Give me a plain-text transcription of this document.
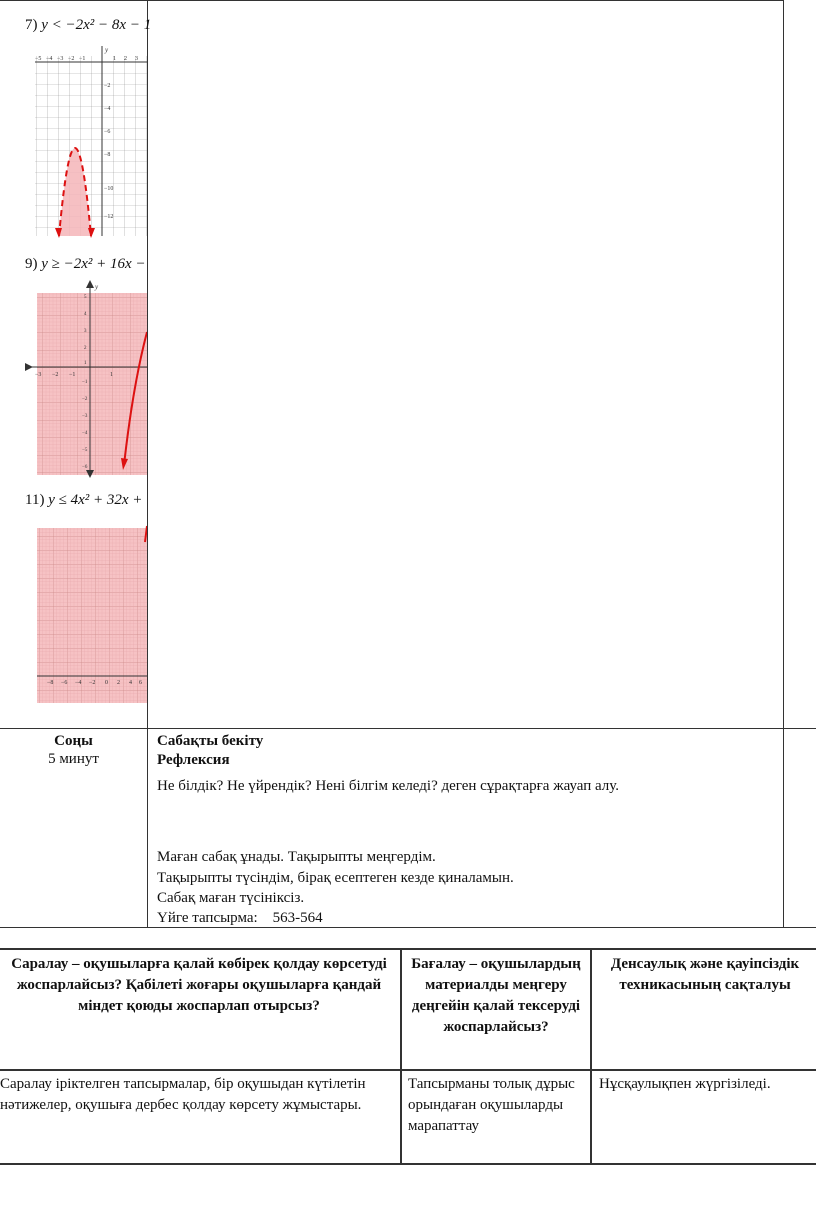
7) y < −2x² − 8x − 1
−5 −4 −3 −2 −1	1 2 3
y
−2
−4
−6
−8
−10
−12
9) y ≥ −2x² + 16x −
y
−3 −2 −1	1
5
4
3
2
1
−1
−2
−3
−4
−5
−6
11) y ≤ 4x² + 32x +
−8 −6 −4 −2 0 2 4 6
Соңы
5 минут
Сабақты бекіту
Рефлексия
Не білдік? Не үйрендік? Нені білгім келеді? деген сұрақтарға жауап алу.
Маған сабақ ұнады. Тақырыпты меңгердім.
Тақырыпты түсіндім, бірақ есептеген кезде қиналамын.
Сабақ маған түсініксіз.
Үйге тапсырма: 563-564
Саралау – оқушыларға қалай көбірек қолдау көрсетуді жоспарлайсыз? Қабілеті жоғары оқушыларға қандай міндет қоюды жоспарлап отырсыз?
Бағалау – оқушылардың материалды меңгеру деңгейін қалай тексеруді жоспарлайсыз?
Денсаулық және қауіпсіздік техникасының сақталуы
Саралау іріктелген тапсырмалар, бір оқушыдан күтілетін нәтижелер, оқушыға дербес қолдау көрсету жұмыстары.
Тапсырманы толық дұрыс орындаған оқушыларды марапаттау
Нұсқаулықпен жүргізіледі.
